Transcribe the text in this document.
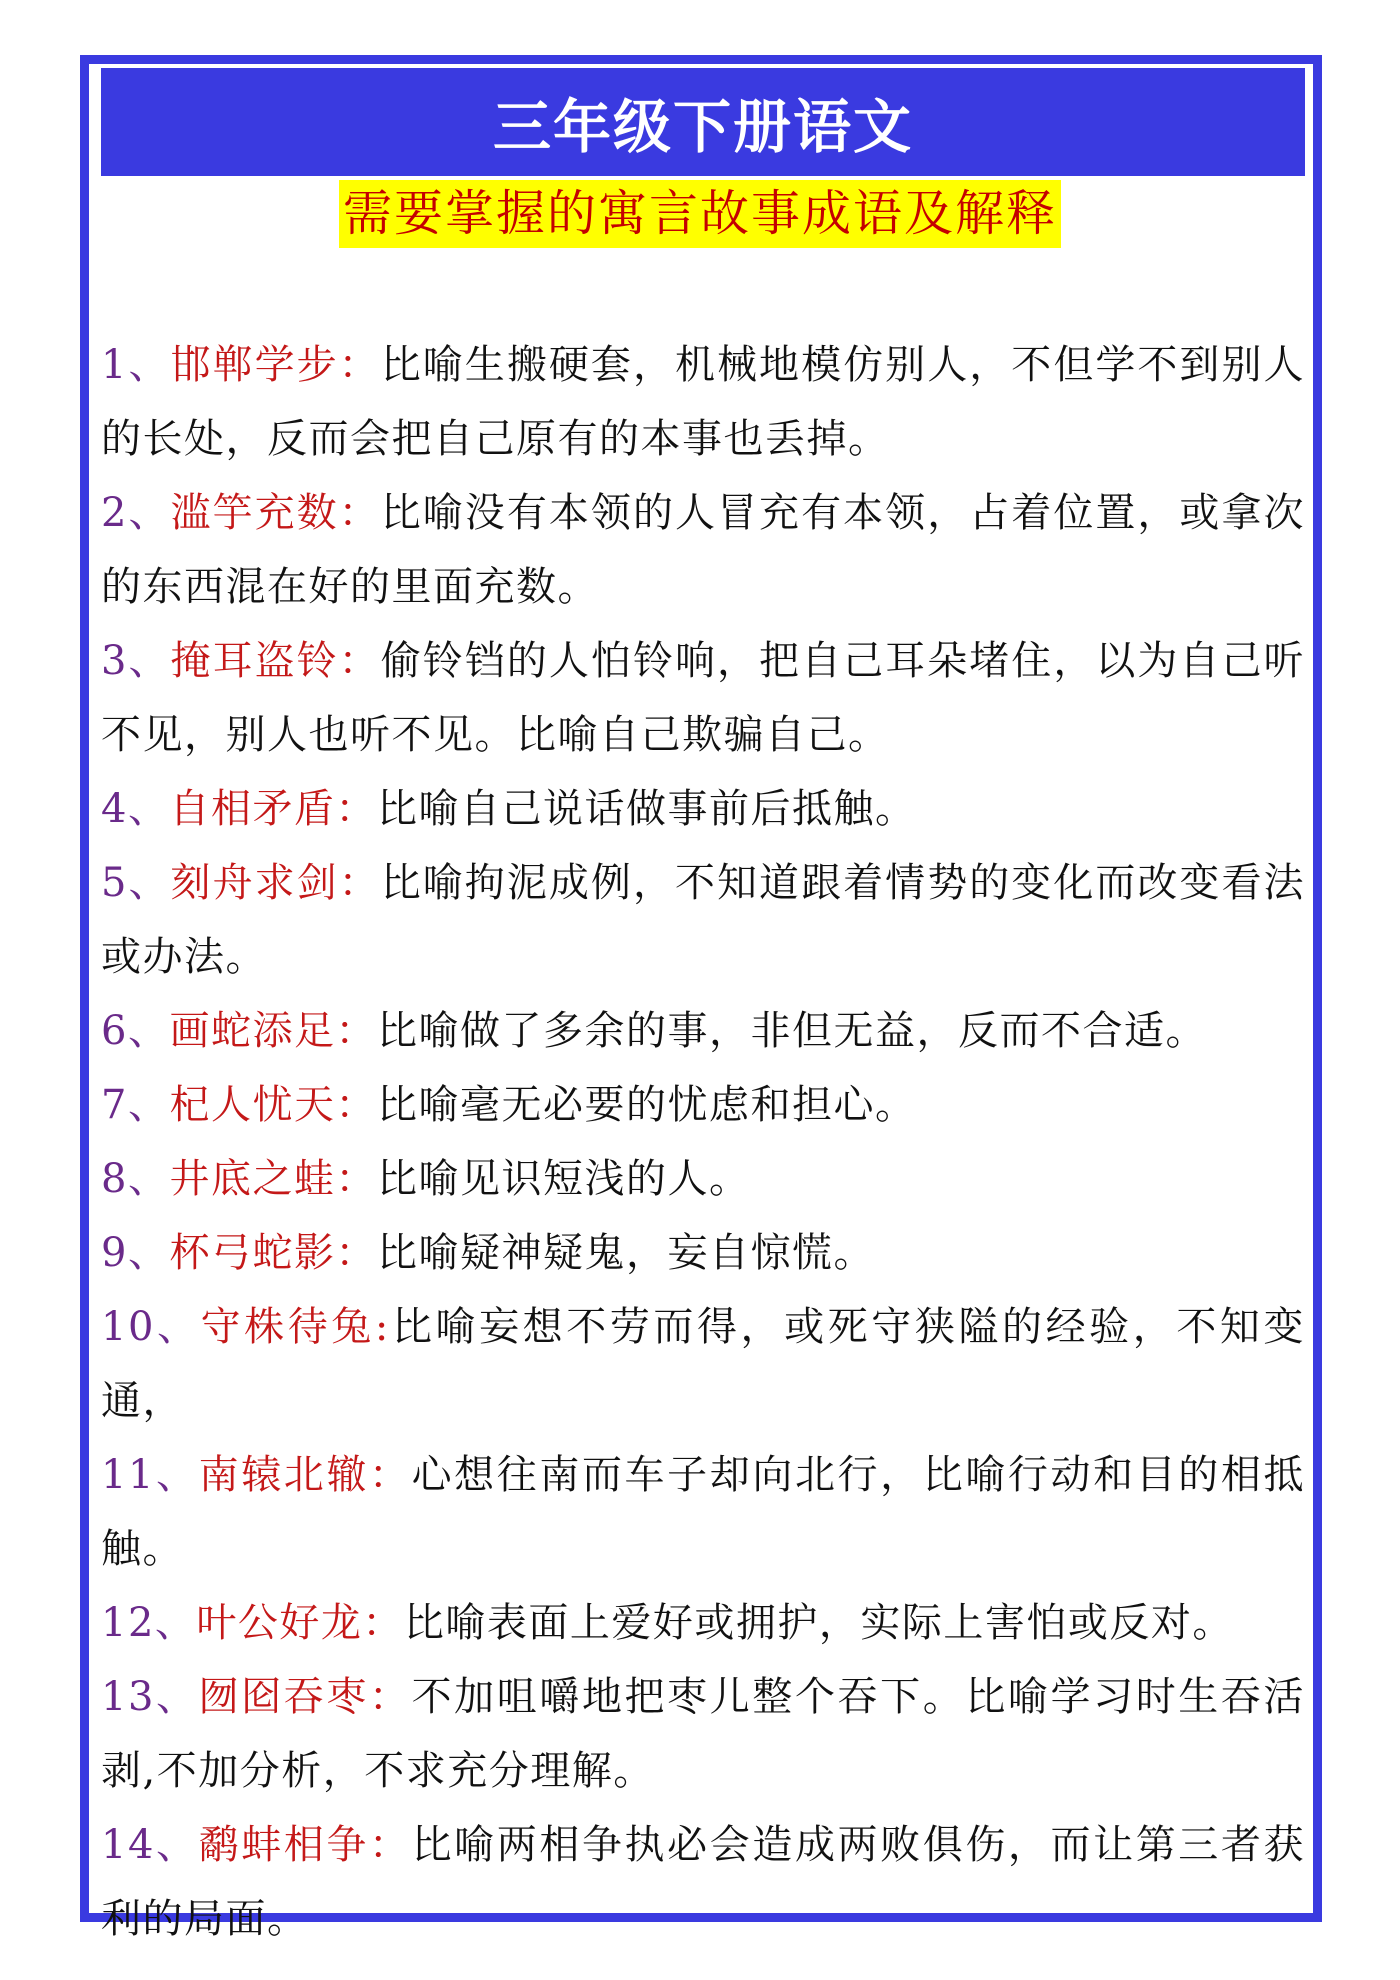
三年级下册语文
需要掌握的寓言故事成语及解释
1、邯郸学步：比喻生搬硬套，机械地模仿别人，不但学不到别人的长处，反而会把自己原有的本事也丢掉。
2、滥竽充数：比喻没有本领的人冒充有本领，占着位置，或拿次的东西混在好的里面充数。
3、掩耳盗铃：偷铃铛的人怕铃响，把自己耳朵堵住，以为自己听不见，别人也听不见。比喻自己欺骗自己。
4、自相矛盾：比喻自己说话做事前后抵触。
5、刻舟求剑：比喻拘泥成例，不知道跟着情势的变化而改变看法或办法。
6、画蛇添足：比喻做了多余的事，非但无益，反而不合适。
7、杞人忧天：比喻毫无必要的忧虑和担心。
8、井底之蛙：比喻见识短浅的人。
9、杯弓蛇影：比喻疑神疑鬼，妄自惊慌。
10、守株待兔:比喻妄想不劳而得，或死守狭隘的经验，不知变通，
11、南辕北辙：心想往南而车子却向北行，比喻行动和目的相抵触。
12、叶公好龙：比喻表面上爱好或拥护，实际上害怕或反对。
13、囫囵吞枣：不加咀嚼地把枣儿整个吞下。比喻学习时生吞活剥,不加分析，不求充分理解。
14、鹬蚌相争：比喻两相争执必会造成两败俱伤，而让第三者获利的局面。
